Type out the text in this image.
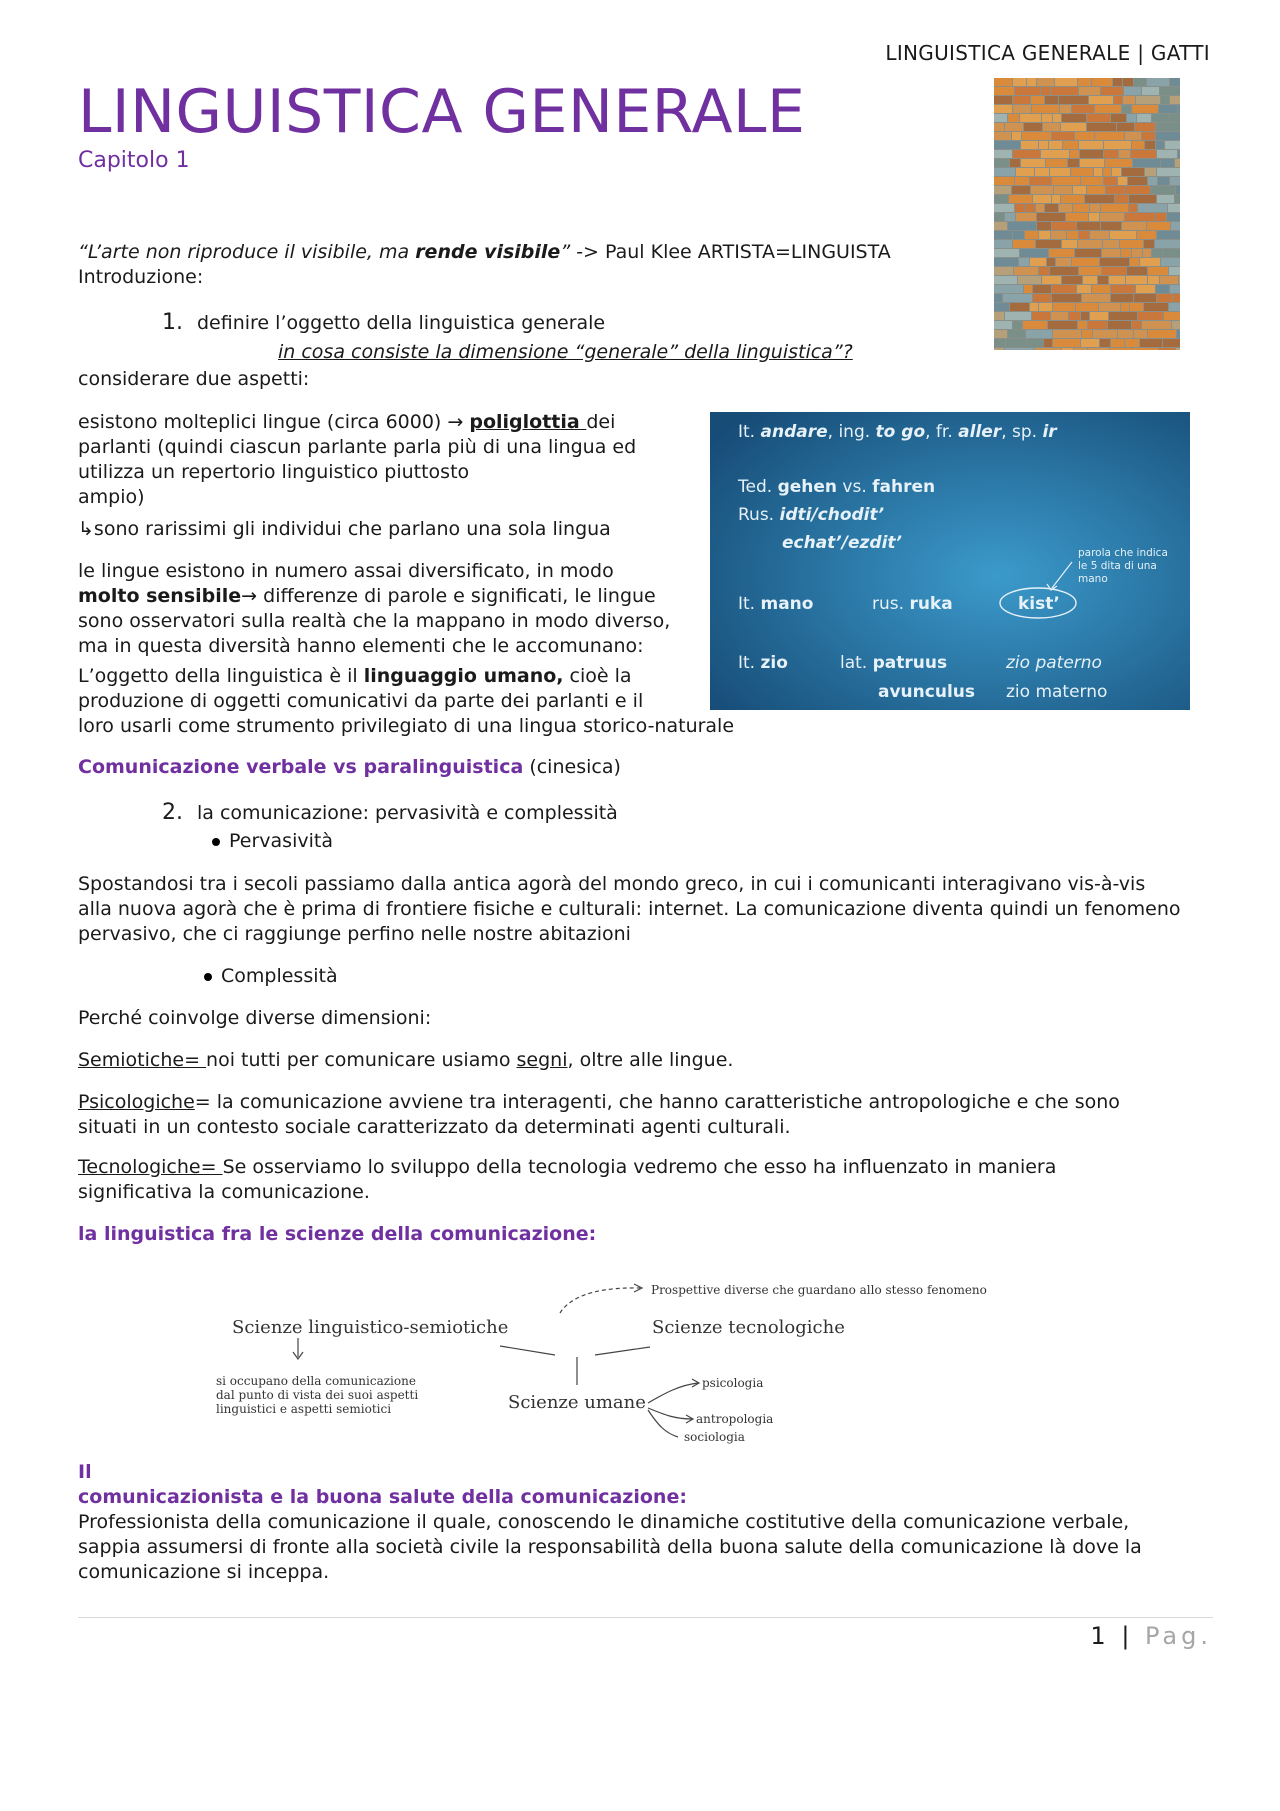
LINGUISTICA GENERALE | GATTI
LINGUISTICA GENERALE
Capitolo 1
“L’arte non riproduce il visibile, ma rende visibile” -> Paul Klee ARTISTA=LINGUISTA
Introduzione:
1. definire l’oggetto della linguistica generale
in cosa consiste la dimensione “generale” della linguistica”?
considerare due aspetti:
esistono molteplici lingue (circa 6000) → poliglottia dei
parlanti (quindi ciascun parlante parla più di una lingua ed
utilizza un repertorio linguistico piuttosto
ampio)
↳sono rarissimi gli individui che parlano una sola lingua
le lingue esistono in numero assai diversificato, in modo
molto sensibile→ differenze di parole e significati, le lingue
sono osservatori sulla realtà che la mappano in modo diverso,
ma in questa diversità hanno elementi che le accomunano:
L’oggetto della linguistica è il linguaggio umano, cioè la
produzione di oggetti comunicativi da parte dei parlanti e il
loro usarli come strumento privilegiato di una lingua storico-naturale
It. andare, ing. to go, fr. aller, sp. ir
Ted. gehen vs. fahren
Rus. idti/chodit’
echat’/ezdit’
It. mano	rus. ruka	kist’
It. zio	lat. patruus	zio paterno
avunculus zio materno
parola che indica
le 5 dita di una
mano
Comunicazione verbale vs paralinguistica (cinesica)
2. la comunicazione: pervasività e complessità
Pervasività
Spostandosi tra i secoli passiamo dalla antica agorà del mondo greco, in cui i comunicanti interagivano vis-à-vis
alla nuova agorà che è prima di frontiere fisiche e culturali: internet. La comunicazione diventa quindi un fenomeno
pervasivo, che ci raggiunge perfino nelle nostre abitazioni
Complessità
Perché coinvolge diverse dimensioni:
Semiotiche= noi tutti per comunicare usiamo segni, oltre alle lingue.
Psicologiche= la comunicazione avviene tra interagenti, che hanno caratteristiche antropologiche e che sono
situati in un contesto sociale caratterizzato da determinati agenti culturali.
Tecnologiche= Se osserviamo lo sviluppo della tecnologia vedremo che esso ha influenzato in maniera
significativa la comunicazione.
la linguistica fra le scienze della comunicazione:
Prospettive diverse che guardano allo stesso fenomeno
Scienze linguistico-semiotiche	Scienze tecnologiche
Scienze umane
si occupano della comunicazione
dal punto di vista dei suoi aspetti
linguistici e aspetti semiotici
psicologia
antropologia
sociologia
Il
comunicazionista e la buona salute della comunicazione:
Professionista della comunicazione il quale, conoscendo le dinamiche costitutive della comunicazione verbale,
sappia assumersi di fronte alla società civile la responsabilità della buona salute della comunicazione là dove la
comunicazione si inceppa.
1 | Pag.
